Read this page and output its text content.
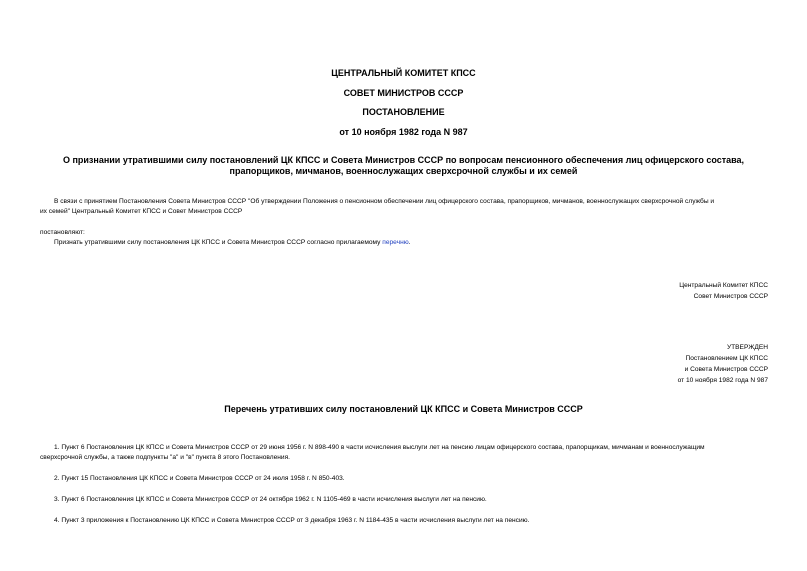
ЦЕНТРАЛЬНЫЙ КОМИТЕТ КПСС
СОВЕТ МИНИСТРОВ СССР
ПОСТАНОВЛЕНИЕ
от 10 ноября 1982 года N 987
О признании утратившими силу постановлений ЦК КПСС и Совета Министров СССР по вопросам пенсионного обеспечения лиц офицерского состава,
прапорщиков, мичманов, военнослужащих сверхсрочной службы и их семей
В связи с принятием Постановления Совета Министров СССР "Об утверждении Положения о пенсионном обеспечении лиц офицерского состава, прапорщиков, мичманов, военнослужащих сверхсрочной службы и
их семей" Центральный Комитет КПСС и Совет Министров СССР
постановляют:
Признать утратившими силу постановления ЦК КПСС и Совета Министров СССР согласно прилагаемому перечню.
Центральный Комитет КПСС
Совет Министров СССР
УТВЕРЖДЕН
Постановлением ЦК КПСС
и Совета Министров СССР
от 10 ноября 1982 года N 987
Перечень утративших силу постановлений ЦК КПСС и Совета Министров СССР
1. Пункт 6 Постановления ЦК КПСС и Совета Министров СССР от 29 июня 1956 г. N 898-490 в части исчисления выслуги лет на пенсию лицам офицерского состава, прапорщикам, мичманам и военнослужащим
сверхсрочной службы, а также подпункты "а" и "в" пункта 8 этого Постановления.
2. Пункт 15 Постановления ЦК КПСС и Совета Министров СССР от 24 июля 1958 г. N 850-403.
3. Пункт 6 Постановления ЦК КПСС и Совета Министров СССР от 24 октября 1962 г. N 1105-469 в части исчисления выслуги лет на пенсию.
4. Пункт 3 приложения к Постановлению ЦК КПСС и Совета Министров СССР от 3 декабря 1963 г. N 1184-435 в части исчисления выслуги лет на пенсию.
